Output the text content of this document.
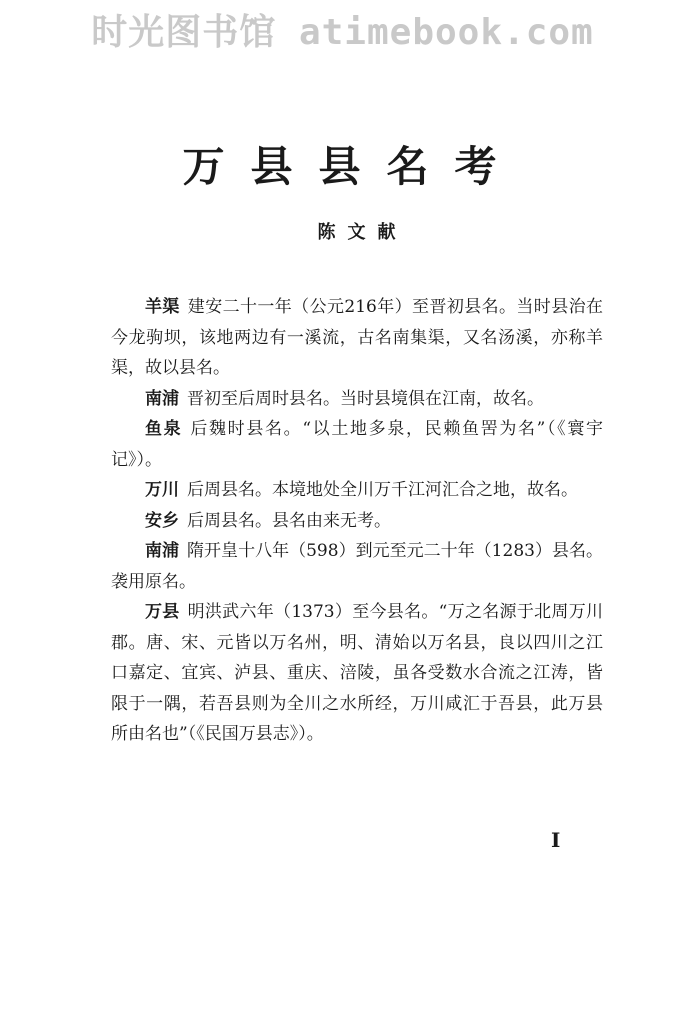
时光图书馆 atimebook.com
万县县名考
陈文献

羊渠 建安二十一年（公元216年）至晋初县名。当时县治在今龙驹坝，该地两边有一溪流，古名南集渠，又名汤溪，亦称羊渠，故以县名。

南浦 晋初至后周时县名。当时县境俱在江南，故名。

鱼泉 后魏时县名。“以土地多泉，民赖鱼罟为名”（《寰宇记》）。

万川 后周县名。本境地处全川万千江河汇合之地，故名。

安乡 后周县名。县名由来无考。

南浦 隋开皇十八年（598）到元至元二十年（1283）县名。袭用原名。

万县 明洪武六年（1373）至今县名。“万之名源于北周万川郡。唐、宋、元皆以万名州，明、清始以万名县，良以四川之江口嘉定、宜宾、泸县、重庆、涪陵，虽各受数水合流之江涛，皆限于一隅，若吾县则为全川之水所经，万川咸汇于吾县，此万县所由名也”（《民国万县志》）。

I
